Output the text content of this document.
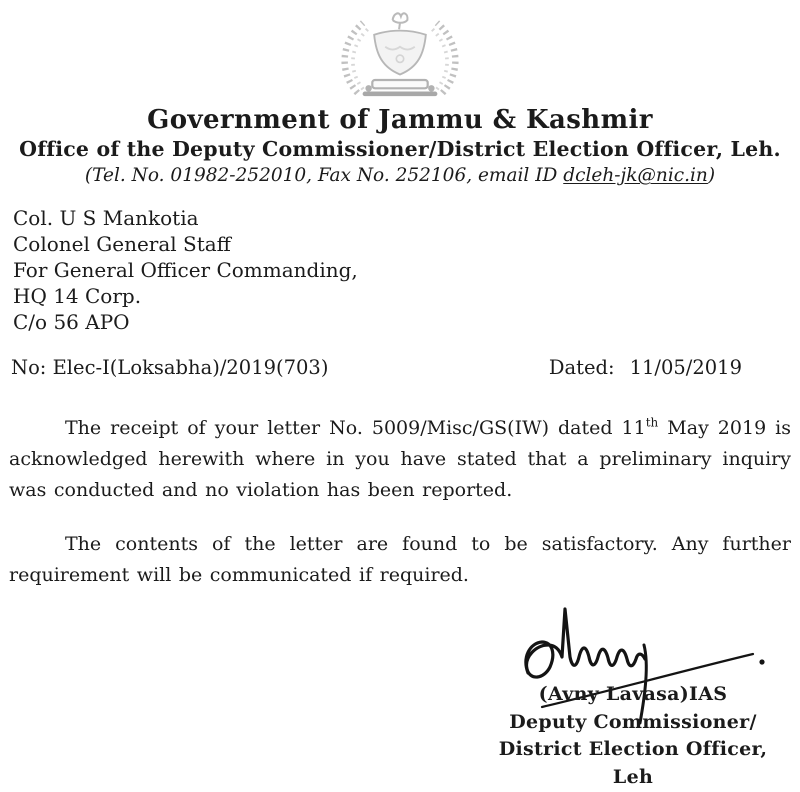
Government of Jammu & Kashmir
Office of the Deputy Commissioner/District Election Officer, Leh.
(Tel. No. 01982-252010, Fax No. 252106, email ID dcleh-jk@nic.in)
Col. U S Mankotia
Colonel General Staff
For General Officer Commanding,
HQ 14 Corp.
C/o 56 APO
No: Elec-I(Loksabha)/2019(703)	Dated: 11/05/2019

The receipt of your letter No. 5009/Misc/GS(IW) dated 11th May 2019 is acknowledged herewith where in you have stated that a preliminary inquiry was conducted and no violation has been reported.

The contents of the letter are found to be satisfactory. Any further requirement will be communicated if required.

(Avny Lavasa)IAS
Deputy Commissioner/
District Election Officer,
Leh
